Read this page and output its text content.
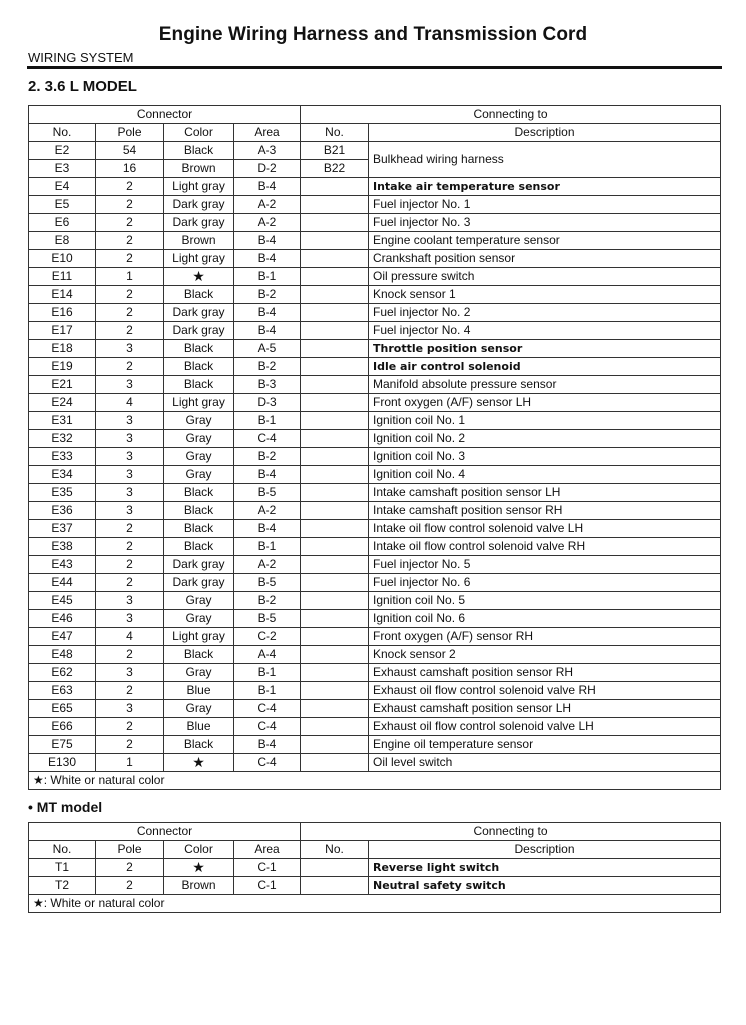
Engine Wiring Harness and Transmission Cord
WIRING SYSTEM
2. 3.6 L MODEL
Connector				Connecting to	
No.	Pole	Color	Area	No.	Description
E2	54	Black	A-3	B21	Bulkhead wiring harness
E3	16	Brown	D-2	B22	
E4	2	Light gray	B-4		Intake air temperature sensor
E5	2	Dark gray	A-2		Fuel injector No. 1
E6	2	Dark gray	A-2		Fuel injector No. 3
E8	2	Brown	B-4		Engine coolant temperature sensor
E10	2	Light gray	B-4		Crankshaft position sensor
E11	1	★	B-1		Oil pressure switch
E14	2	Black	B-2		Knock sensor 1
E16	2	Dark gray	B-4		Fuel injector No. 2
E17	2	Dark gray	B-4		Fuel injector No. 4
E18	3	Black	A-5		Throttle position sensor
E19	2	Black	B-2		Idle air control solenoid
E21	3	Black	B-3		Manifold absolute pressure sensor
E24	4	Light gray	D-3		Front oxygen (A/F) sensor LH
E31	3	Gray	B-1		Ignition coil No. 1
E32	3	Gray	C-4		Ignition coil No. 2
E33	3	Gray	B-2		Ignition coil No. 3
E34	3	Gray	B-4		Ignition coil No. 4
E35	3	Black	B-5		Intake camshaft position sensor LH
E36	3	Black	A-2		Intake camshaft position sensor RH
E37	2	Black	B-4		Intake oil flow control solenoid valve LH
E38	2	Black	B-1		Intake oil flow control solenoid valve RH
E43	2	Dark gray	A-2		Fuel injector No. 5
E44	2	Dark gray	B-5		Fuel injector No. 6
E45	3	Gray	B-2		Ignition coil No. 5
E46	3	Gray	B-5		Ignition coil No. 6
E47	4	Light gray	C-2		Front oxygen (A/F) sensor RH
E48	2	Black	A-4		Knock sensor 2
E62	3	Gray	B-1		Exhaust camshaft position sensor RH
E63	2	Blue	B-1		Exhaust oil flow control solenoid valve RH
E65	3	Gray	C-4		Exhaust camshaft position sensor LH
E66	2	Blue	C-4		Exhaust oil flow control solenoid valve LH
E75	2	Black	B-4		Engine oil temperature sensor
E130	1	★	C-4		Oil level switch
★: White or natural color					
• MT model
Connector				Connecting to	
No.	Pole	Color	Area	No.	Description
T1	2	★	C-1		Reverse light switch
T2	2	Brown	C-1		Neutral safety switch
★: White or natural color					
